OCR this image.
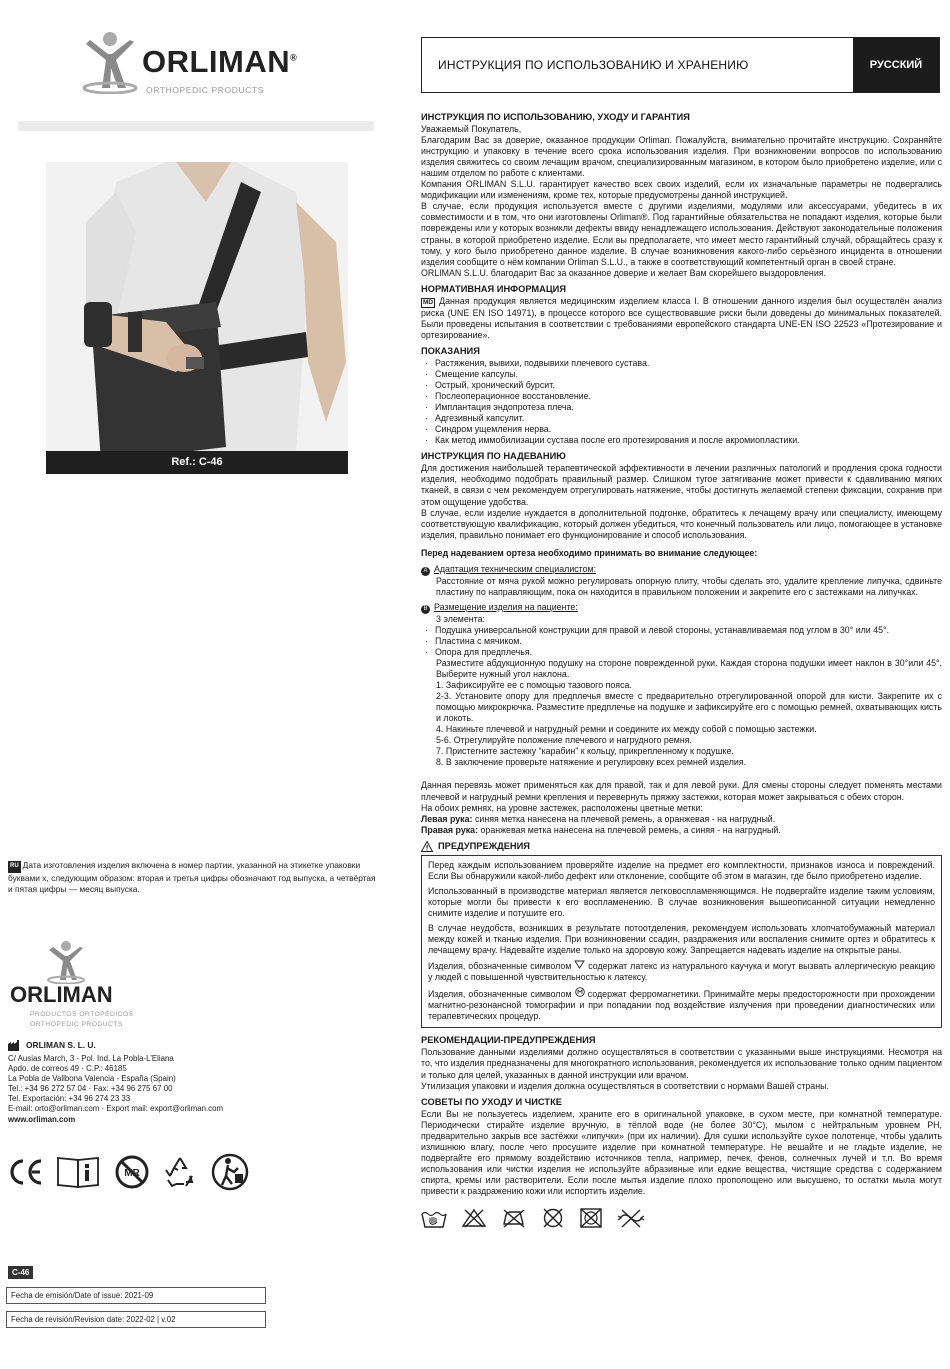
ORLIMAN®
ORTHOPEDIC PRODUCTS
Ref.: C-46
RU Дата изготовления изделия включена в номер партии, указанной на этикетке упаковки буквами x, следующим образом: вторая и третья цифры обозначают год выпуска, а четвёртая и пятая цифры — месяц выпуска.
ORLIMAN
PRODUCTOS ORTOPÉDICOS
ORTHOPEDIC PRODUCTS
ORLIMAN S. L. U.
C/ Ausias March, 3 - Pol. Ind. La Pobla-L’Eliana
Apdo. de correos 49 · C.P.: 46185
La Pobla de Vallbona Valencia - España (Spain)
Tel.: +34 96 272 57 04 · Fax: +34 96 275 67 00
Tel. Exportación: +34 96 274 23 33
E-mail: orto@orliman.com · Export mail: export@orliman.com
www.orliman.com
MR
C-46
Fecha de emisión/Date of issue: 2021-09
Fecha de revisión/Revision date: 2022-02 | v.02
ИНСТРУКЦИЯ ПО ИСПОЛЬЗОВАНИЮ И ХРАНЕНИЮ	РУССКИЙ
ИНСТРУКЦИЯ ПО ИСПОЛЬЗОВАНИЮ, УХОДУ И ГАРАНТИЯ

Уважаемый Покупатель,

Благодарим Вас за доверие, оказанное продукции Orliman. Пожалуйста, внимательно прочитайте инструкцию. Сохраняйте инструкцию и упаковку в течение всего срока использования изделия. При возникновении вопросов по использованию изделия свяжитесь со своим лечащим врачом, специализированным магазином, в котором было приобретено изделие, или с нашим отделом по работе с клиентами.

Компания ORLIMAN S.L.U. гарантирует качество всех своих изделий, если их изначальные параметры не подвергались модификации или изменениям, кроме тех, которые предусмотрены данной инструкцией.

В случае, если продукция используется вместе с другими изделиями, модулями или аксессуарами, убедитесь в их совместимости и в том, что они изготовлены Orliman®. Под гарантийные обязательства не попадают изделия, которые были повреждены или у которых возникли дефекты ввиду ненадлежащего использования. Действуют законодательные положения страны, в которой приобретено изделие. Если вы предполагаете, что имеет место гарантийный случай, обращайтесь сразу к тому, у кого было приобретено данное изделие. В случае возникновения какого-либо серьёзного инцидента в отношении изделия сообщите о нём компании Orliman S.L.U., а также в соответствующий компетентный орган в своей стране.

ORLIMAN S.L.U. благодарит Вас за оказанное доверие и желает Вам скорейшего выздоровления.

НОРМАТИВНАЯ ИНФОРМАЦИЯ

MD Данная продукция является медицинским изделием класса I. В отношении данного изделия был осуществлён анализ риска (UNE EN ISO 14971), в процессе которого все существовавшие риски были доведены до минимальных показателей. Были проведены испытания в соответствии с требованиями европейского стандарта UNE-EN ISO 22523 «Протезирование и ортезирование».

ПОКАЗАНИЯ
· Растяжения, вывихи, подвывихи плечевого сустава.
· Смещение капсулы.
· Острый, хронический бурсит.
· Послеоперационное восстановление.
· Имплантация эндопротеза плеча.
· Адгезивный капсулит.
· Синдром ущемления нерва.
· Как метод иммобилизации сустава после его протезирования и после акромиопластики.
ИНСТРУКЦИЯ ПО НАДЕВАНИЮ

Для достижения наибольшей терапевтической эффективности в лечении различных патологий и продления срока годности изделия, необходимо подобрать правильный размер. Слишком тугое затягивание может привести к сдавливанию мягких тканей, в связи с чем рекомендуем отрегулировать натяжение, чтобы достигнуть желаемой степени фиксации, сохранив при этом ощущение удобства.

В случае, если изделие нуждается в дополнительной подгонке, обратитесь к лечащему врачу или специалисту, имеющему соответствующую квалификацию, который должен убедиться, что конечный пользователь или лицо, помогающее в установке изделия, правильно понимает его функционирование и способ использования.

Перед надеванием ортеза необходимо принимать во внимание следующее:

A Адаптация техническим специалистом:

Расстояние от мяча рукой можно регулировать опорную плиту, чтобы сделать это, удалите крепление липучка, сдвиньте пластину по направляющим, пока он находится в правильном положении и закрепите его с застежками на липучках.

B Размещение изделия на пациенте:

3 элемента:

· Подушка универсальной конструкции для правой и левой стороны, устанавливаемая под углом в 30° или 45°.
· Пластина с мячиком.
· Опора для предплечья.

Разместите абдукционную подушку на стороне поврежденной руки. Каждая сторона подушки имеет наклон в 30°или 45°. Выберите нужный угол наклона.

1. Зафиксируйте ее с помощью тазового пояса.

2-3. Установите опору для предплечья вместе с предварительно отрегулированной опорой для кисти. Закрепите их с помощью микрокрючка. Разместите предплечье на подушке и зафиксируйте его с помощью ремней, охватывающих кисть и локоть.

4. Накиньте плечевой и нагрудный ремни и соедините их между собой с помощью застежки.

5-6. Отрегулируйте положение плечевого и нагрудного ремня.

7. Пристегните застежку “карабин” к кольцу, прикрепленному к подушке.

8. В заключение проверьте натяжение и регулировку всех ремней изделия.

Данная перевязь может применяться как для правой, так и для левой руки. Для смены стороны следует поменять местами плечевой и нагрудный ремни крепления и перевернуть пряжку застежки, которая может закрываться с обеих сторон.

На обоих ремнях, на уровне застежек, расположены цветные метки:

Левая рука: синяя метка нанесена на плечевой ремень, а оранжевая - на нагрудный.

Правая рука: оранжевая метка нанесена на плечевой ремень, а синяя - на нагрудный.

ПРЕДУПРЕЖДЕНИЯ

Перед каждым использованием проверяйте изделие на предмет его комплектности, признаков износа и повреждений. Если Вы обнаружили какой-либо дефект или отклонение, сообщите об этом в магазин, где было приобретено изделие.

Использованный в производстве материал является легковоспламеняющимся. Не подвергайте изделие таким условиям, которые могли бы привести к его воспламенению. В случае возникновения вышеописанной ситуации немедленно снимите изделие и потушите его.

В случае неудобств, возникших в результате потоотделения, рекомендуем использовать хлопчатобумажный материал между кожей и тканью изделия. При возникновении ссадин, раздражения или воспаления снимите ортез и обратитесь к лечащему врачу. Надевайте изделие только на здоровую кожу. Запрещается надевать изделие на открытые раны.

Изделия, обозначенные символом содержат латекс из натурального каучука и могут вызвать аллергическую реакцию у людей с повышенной чувствительностью к латексу.

Изделия, обозначенные символом содержат ферромагнетики. Принимайте меры предосторожности при прохождении магнитно-резонансной томографии и при попадании под воздействие излучения при проведении диагностических или терапевтических процедур.

РЕКОМЕНДАЦИИ-ПРЕДУПРЕЖДЕНИЯ

Пользование данными изделиями должно осуществляться в соответствии с указанными выше инструкциями. Несмотря на то, что изделия предназначены для многократного использования, рекомендуется их использование только одним пациентом и только для целей, указанных в данной инструкции или врачом.

Утилизация упаковки и изделия должна осуществляться в соответствии с нормами Вашей страны.

СОВЕТЫ ПО УХОДУ И ЧИСТКЕ

Если Вы не пользуетесь изделием, храните его в оригинальной упаковке, в сухом месте, при комнатной температуре. Периодически стирайте изделие вручную, в тёплой воде (не более 30°С), мылом с нейтральным уровнем РН, предварительно закрыв все застёжки «липучки» (при их наличии). Для сушки используйте сухое полотенце, чтобы удалить излишнюю влагу, после чего просушите изделие при комнатной температуре. Не вешайте и не гладьте изделие, не подвергайте его прямому воздействию источников тепла, например, печек, фенов, солнечных лучей и т.п. Во время использования или чистки изделия не используйте абразивные или едкие вещества, чистящие средства с содержанием спирта, кремы или растворители. Если после мытья изделие плохо прополощено или высушено, то остатки мыла могут привести к раздражению кожи или испортить изделие.
